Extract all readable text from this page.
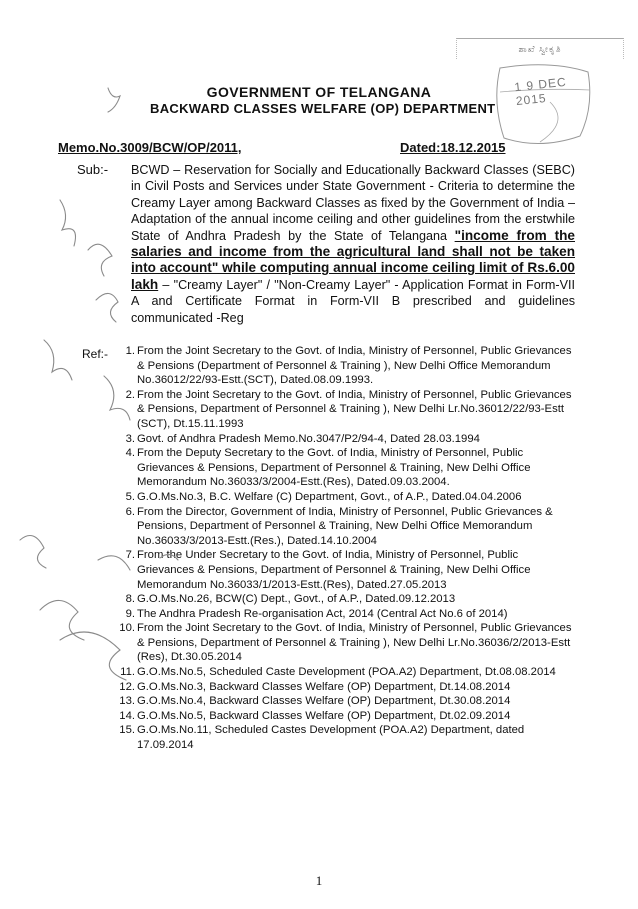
ಶಾಖೆ ಸ್ವೀಕೃತಿ
1 9 DEC 2015
GOVERNMENT OF TELANGANA
BACKWARD CLASSES WELFARE (OP) DEPARTMENT
Memo.No.3009/BCW/OP/2011,	Dated:18.12.2015
Sub:- BCWD – Reservation for Socially and Educationally Backward Classes (SEBC) in Civil Posts and Services under State Government - Criteria to determine the Creamy Layer among Backward Classes as fixed by the Government of India – Adaptation of the annual income ceiling and other guidelines from the erstwhile State of Andhra Pradesh by the State of Telangana "income from the salaries and income from the agricultural land shall not be taken into account" while computing annual income ceiling limit of Rs.6.00 lakh – "Creamy Layer" / "Non-Creamy Layer" - Application Format in Form-VII A and Certificate Format in Form-VII B prescribed and guidelines communicated -Reg
Ref:-	1. From the Joint Secretary to the Govt. of India, Ministry of Personnel, Public Grievances & Pensions (Department of Personnel & Training ), New Delhi Office Memorandum No.36012/22/93-Estt.(SCT), Dated.08.09.1993.
2. From the Joint Secretary to the Govt. of India, Ministry of Personnel, Public Grievances & Pensions, Department of Personnel & Training ), New Delhi Lr.No.36012/22/93-Estt (SCT), Dt.15.11.1993
3. Govt. of Andhra Pradesh Memo.No.3047/P2/94-4, Dated 28.03.1994
4. From the Deputy Secretary to the Govt. of India, Ministry of Personnel, Public Grievances & Pensions, Department of Personnel & Training, New Delhi Office Memorandum No.36033/3/2004-Estt.(Res), Dated.09.03.2004.
5. G.O.Ms.No.3, B.C. Welfare (C) Department, Govt., of A.P., Dated.04.04.2006
6. From the Director, Government of India, Ministry of Personnel, Public Grievances & Pensions, Department of Personnel & Training, New Delhi Office Memorandum No.36033/3/2013-Estt.(Res.), Dated.14.10.2004
7. From the Under Secretary to the Govt. of India, Ministry of Personnel, Public Grievances & Pensions, Department of Personnel & Training, New Delhi Office Memorandum No.36033/1/2013-Estt.(Res), Dated.27.05.2013
8. G.O.Ms.No.26, BCW(C) Dept., Govt., of A.P., Dated.09.12.2013
9. The Andhra Pradesh Re-organisation Act, 2014 (Central Act No.6 of 2014)
10. From the Joint Secretary to the Govt. of India, Ministry of Personnel, Public Grievances & Pensions, Department of Personnel & Training ), New Delhi Lr.No.36036/2/2013-Estt (Res), Dt.30.05.2014
11. G.O.Ms.No.5, Scheduled Caste Development (POA.A2) Department, Dt.08.08.2014
12. G.O.Ms.No.3, Backward Classes Welfare (OP) Department, Dt.14.08.2014
13. G.O.Ms.No.4, Backward Classes Welfare (OP) Department, Dt.30.08.2014
14. G.O.Ms.No.5, Backward Classes Welfare (OP) Department, Dt.02.09.2014
15. G.O.Ms.No.11, Scheduled Castes Development (POA.A2) Department, dated 17.09.2014
1
